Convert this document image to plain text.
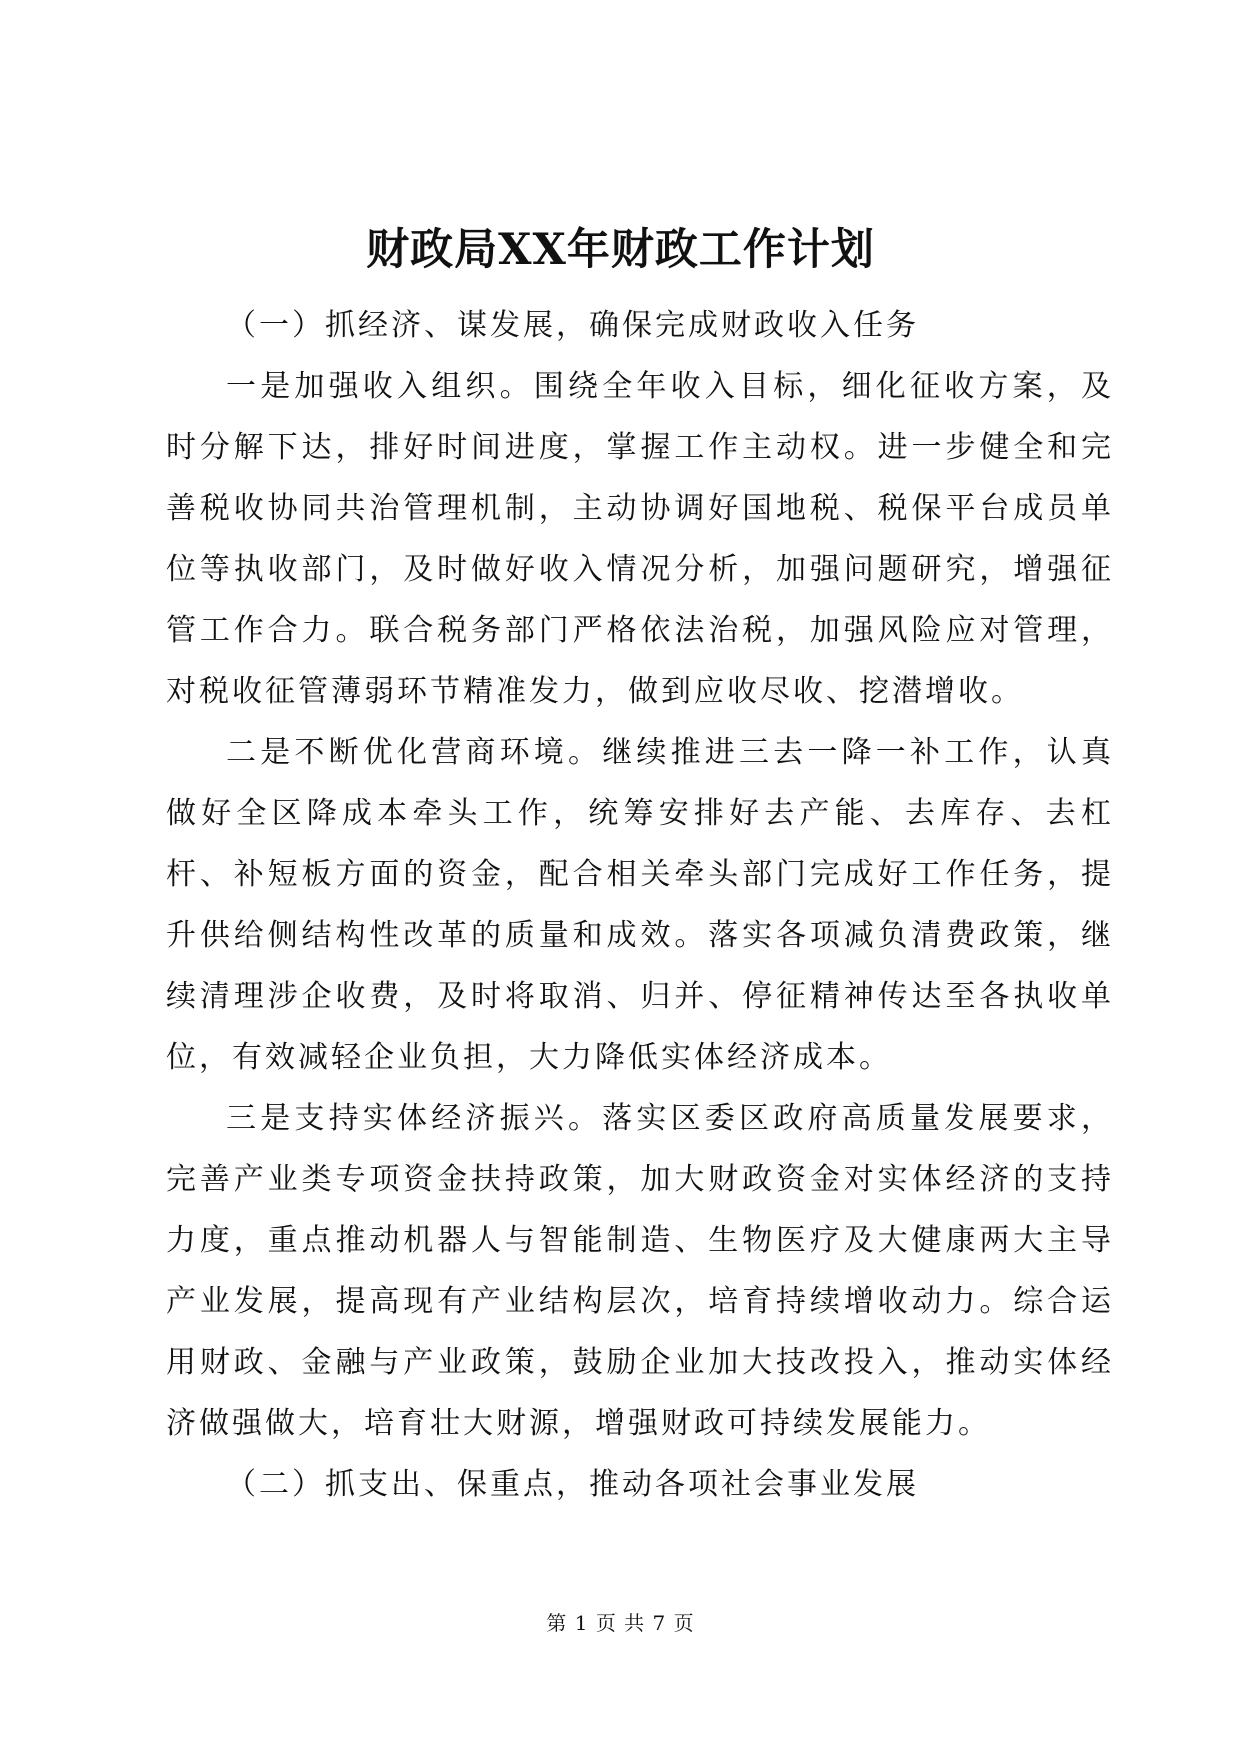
财政局XX年财政工作计划

（一）抓经济、谋发展，确保完成财政收入任务

一是加强收入组织。围绕全年收入目标，细化征收方案，及时分解下达，排好时间进度，掌握工作主动权。进一步健全和完善税收协同共治管理机制，主动协调好国地税、税保平台成员单位等执收部门，及时做好收入情况分析，加强问题研究，增强征管工作合力。联合税务部门严格依法治税，加强风险应对管理，对税收征管薄弱环节精准发力，做到应收尽收、挖潜增收。

二是不断优化营商环境。继续推进三去一降一补工作，认真做好全区降成本牵头工作，统筹安排好去产能、去库存、去杠杆、补短板方面的资金，配合相关牵头部门完成好工作任务，提升供给侧结构性改革的质量和成效。落实各项减负清费政策，继续清理涉企收费，及时将取消、归并、停征精神传达至各执收单位，有效减轻企业负担，大力降低实体经济成本。

三是支持实体经济振兴。落实区委区政府高质量发展要求，完善产业类专项资金扶持政策，加大财政资金对实体经济的支持力度，重点推动机器人与智能制造、生物医疗及大健康两大主导产业发展，提高现有产业结构层次，培育持续增收动力。综合运用财政、金融与产业政策，鼓励企业加大技改投入，推动实体经济做强做大，培育壮大财源，增强财政可持续发展能力。

（二）抓支出、保重点，推动各项社会事业发展

第 1 页 共 7 页
